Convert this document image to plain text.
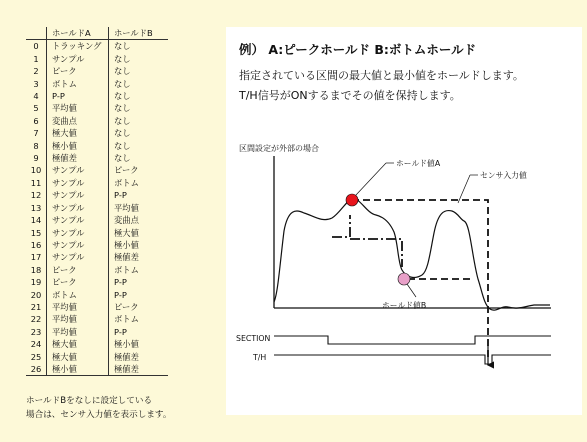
	ホールドA	ホールドB
0	トラッキング	なし
1	サンプル	なし
2	ピーク	なし
3	ボトム	なし
4	P-P	なし
5	平均値	なし
6	変曲点	なし
7	極大値	なし
8	極小値	なし
9	極値差	なし
10	サンプル	ピーク
11	サンプル	ボトム
12	サンプル	P-P
13	サンプル	平均値
14	サンプル	変曲点
15	サンプル	極大値
16	サンプル	極小値
17	サンプル	極値差
18	ピーク	ボトム
19	ピーク	P-P
20	ボトム	P-P
21	平均値	ピーク
22	平均値	ボトム
23	平均値	P-P
24	極大値	極小値
25	極大値	極値差
26	極小値	極値差
ホールドBをなしに設定している
場合は、センサ入力値を表示します。
例） A:ピークホールド B:ボトムホールド
指定されている区間の最大値と最小値をホールドします。
T/H信号がONするまでその値を保持します。
区間設定が外部の場合
ホールド値A
センサ入力値
ホールド値B
SECTION
T/H
